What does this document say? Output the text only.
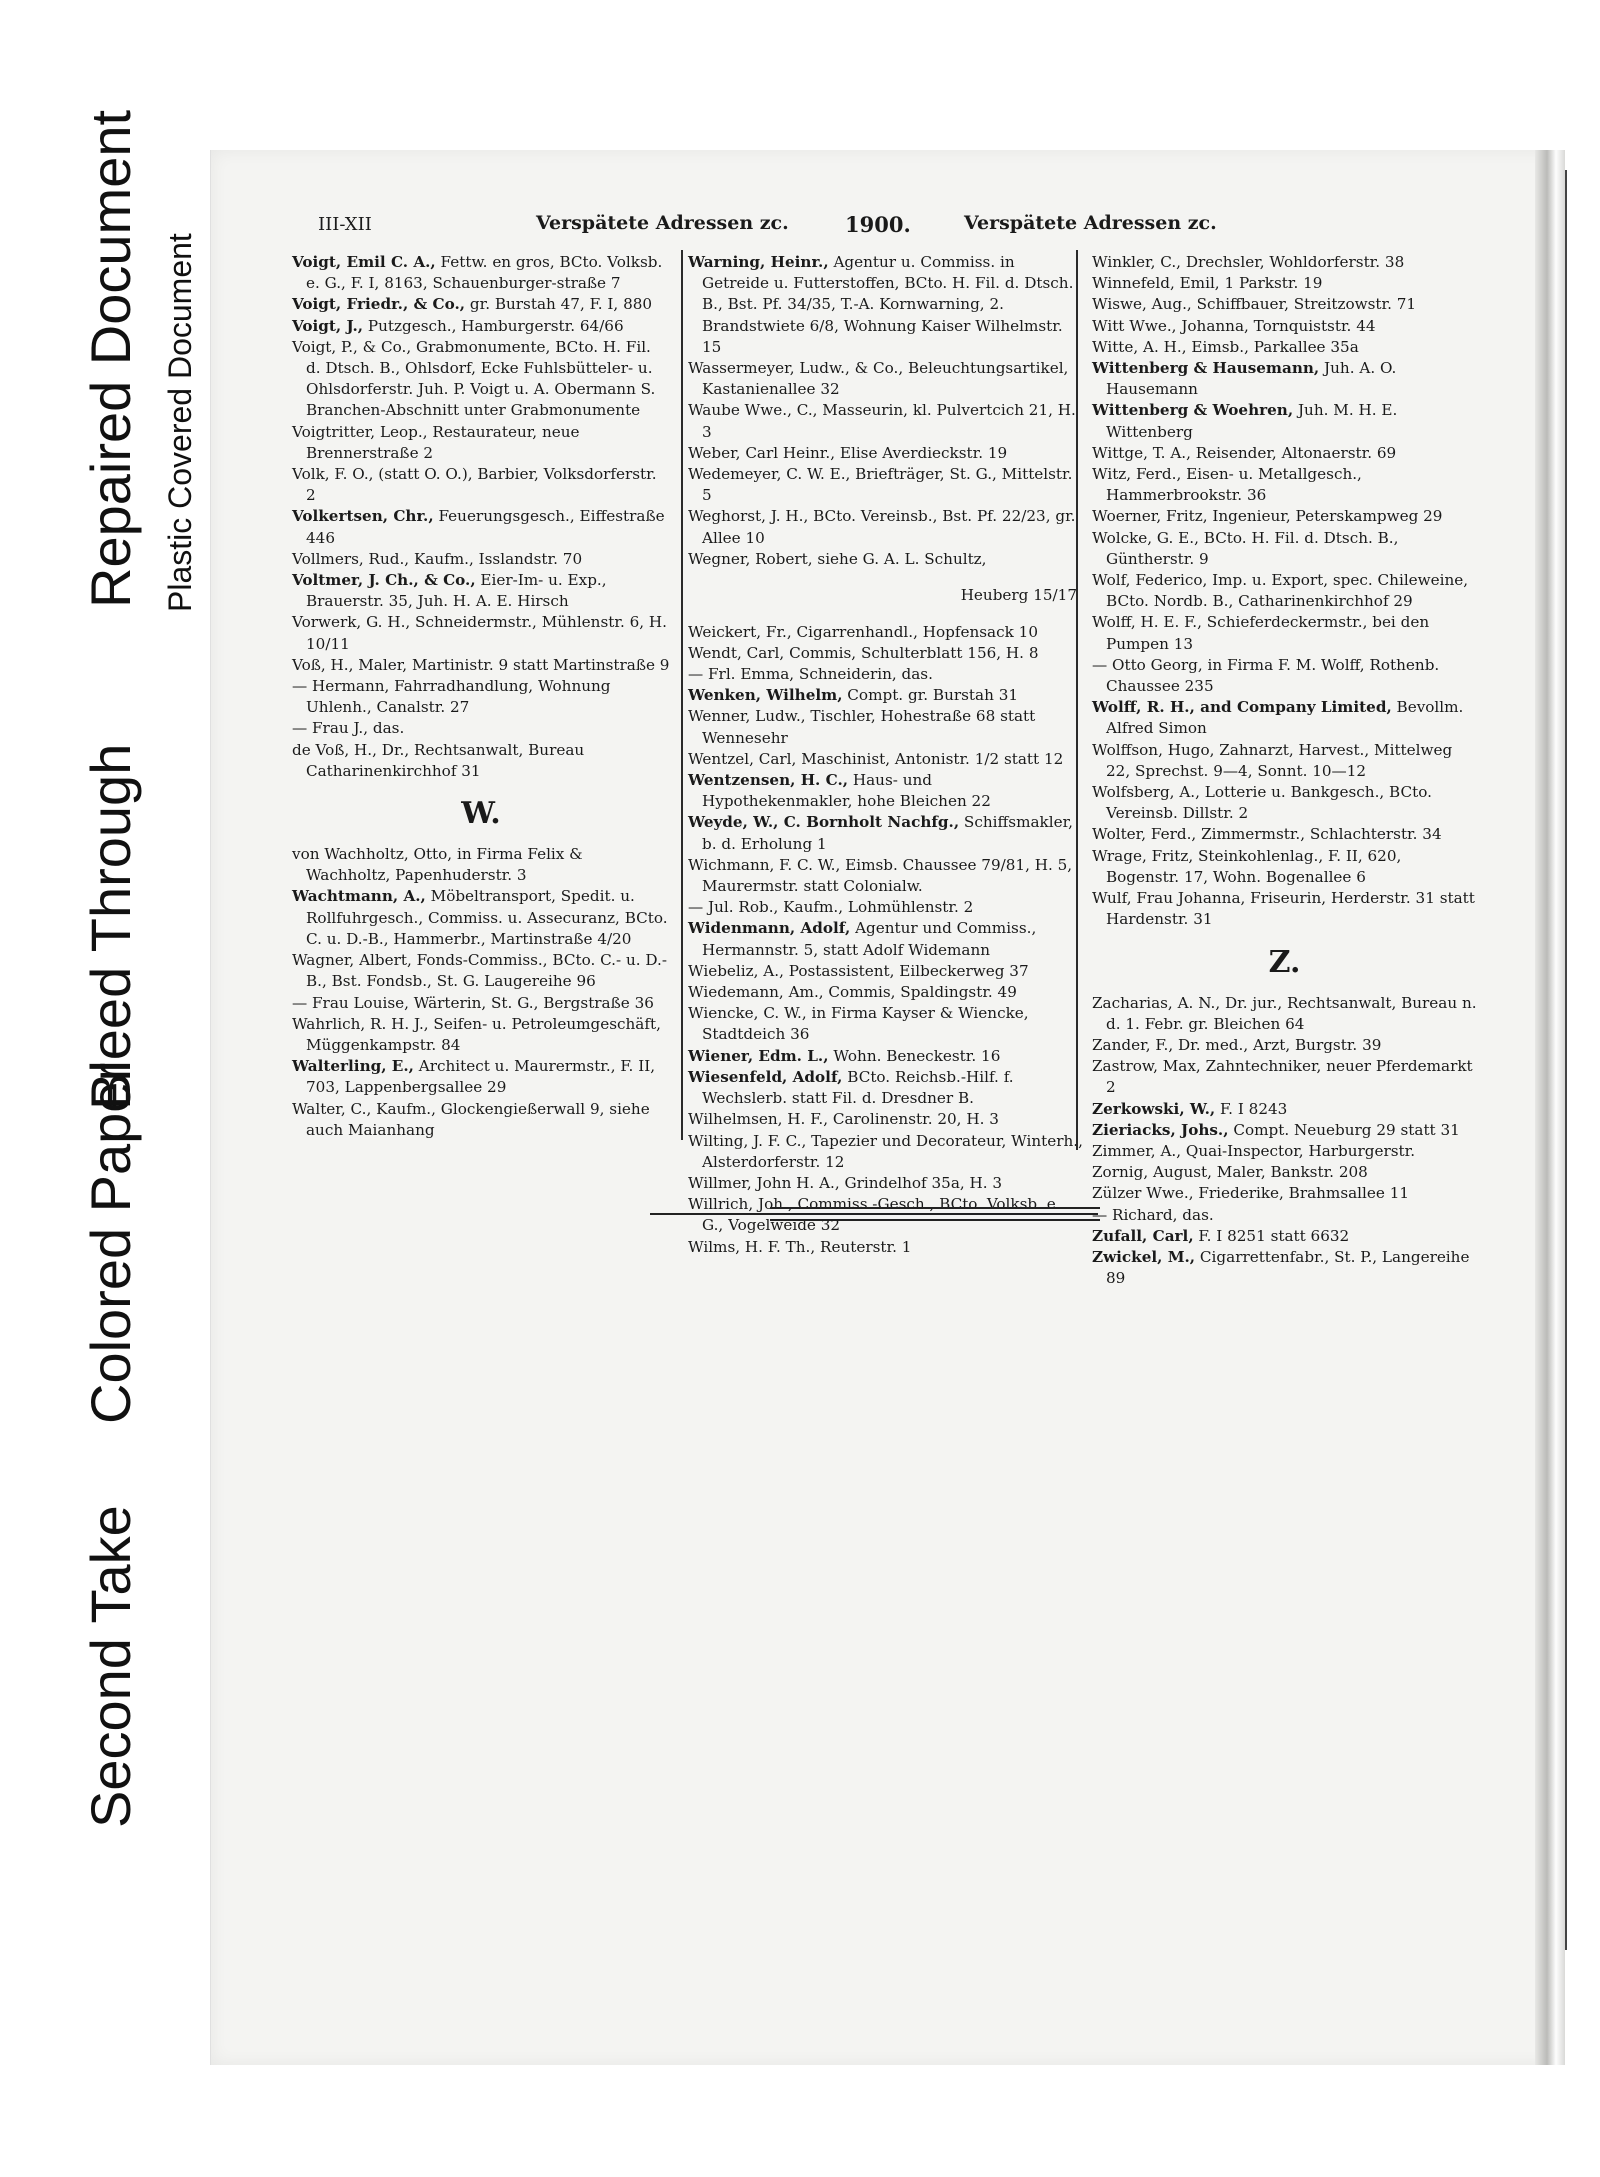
Second Take
Colored Paper
Bleed Through
Repaired Document Plastic Covered Document
III-XII	Verspätete Adressen zc.	1900.	Verspätete Adressen zc.

Voigt, Emil C. A., Fettw. en gros, BCto. Volksb. e. G., F. I, 8163, Schauenburger-straße 7

Voigt, Friedr., & Co., gr. Burstah 47, F. I, 880

Voigt, J., Putzgesch., Hamburgerstr. 64/66

Voigt, P., & Co., Grabmonumente, BCto. H. Fil. d. Dtsch. B., Ohlsdorf, Ecke Fuhlsbütteler- u. Ohlsdorferstr. Juh. P. Voigt u. A. Obermann S. Branchen-Abschnitt unter Grabmonumente

Voigtritter, Leop., Restaurateur, neue Brennerstraße 2

Volk, F. O., (statt O. O.), Barbier, Volksdorferstr. 2

Volkertsen, Chr., Feuerungsgesch., Eiffestraße 446

Vollmers, Rud., Kaufm., Isslandstr. 70

Voltmer, J. Ch., & Co., Eier-Im- u. Exp., Brauerstr. 35, Juh. H. A. E. Hirsch

Vorwerk, G. H., Schneidermstr., Mühlenstr. 6, H. 10/11

Voß, H., Maler, Martinistr. 9 statt Martinstraße 9

— Hermann, Fahrradhandlung, Wohnung Uhlenh., Canalstr. 27

— Frau J., das.

de Voß, H., Dr., Rechtsanwalt, Bureau Catharinenkirchhof 31

W.

von Wachholtz, Otto, in Firma Felix & Wachholtz, Papenhuderstr. 3

Wachtmann, A., Möbeltransport, Spedit. u. Rollfuhrgesch., Commiss. u. Assecuranz, BCto. C. u. D.-B., Hammerbr., Martinstraße 4/20

Wagner, Albert, Fonds-Commiss., BCto. C.- u. D.-B., Bst. Fondsb., St. G. Laugereihe 96

— Frau Louise, Wärterin, St. G., Bergstraße 36

Wahrlich, R. H. J., Seifen- u. Petroleumgeschäft, Müggenkampstr. 84

Walterling, E., Architect u. Maurermstr., F. II, 703, Lappenbergsallee 29

Walter, C., Kaufm., Glockengießerwall 9, siehe auch Maianhang

Warning, Heinr., Agentur u. Commiss. in Getreide u. Futterstoffen, BCto. H. Fil. d. Dtsch. B., Bst. Pf. 34/35, T.-A. Kornwarning, 2. Brandstwiete 6/8, Wohnung Kaiser Wilhelmstr. 15

Wassermeyer, Ludw., & Co., Beleuchtungsartikel, Kastanienallee 32

Waube Wwe., C., Masseurin, kl. Pulvertcich 21, H. 3

Weber, Carl Heinr., Elise Averdieckstr. 19

Wedemeyer, C. W. E., Briefträger, St. G., Mittelstr. 5

Weghorst, J. H., BCto. Vereinsb., Bst. Pf. 22/23, gr. Allee 10

Wegner, Robert, siehe G. A. L. Schultz,

Heuberg 15/17

Weickert, Fr., Cigarrenhandl., Hopfensack 10

Wendt, Carl, Commis, Schulterblatt 156, H. 8

— Frl. Emma, Schneiderin, das.

Wenken, Wilhelm, Compt. gr. Burstah 31

Wenner, Ludw., Tischler, Hohestraße 68 statt Wennesehr

Wentzel, Carl, Maschinist, Antonistr. 1/2 statt 12

Wentzensen, H. C., Haus- und Hypothekenmakler, hohe Bleichen 22

Weyde, W., C. Bornholt Nachfg., Schiffsmakler, b. d. Erholung 1

Wichmann, F. C. W., Eimsb. Chaussee 79/81, H. 5, Maurermstr. statt Colonialw.

— Jul. Rob., Kaufm., Lohmühlenstr. 2

Widenmann, Adolf, Agentur und Commiss., Hermannstr. 5, statt Adolf Widemann

Wiebeliz, A., Postassistent, Eilbeckerweg 37

Wiedemann, Am., Commis, Spaldingstr. 49

Wiencke, C. W., in Firma Kayser & Wiencke, Stadtdeich 36

Wiener, Edm. L., Wohn. Beneckestr. 16

Wiesenfeld, Adolf, BCto. Reichsb.-Hilf. f. Wechslerb. statt Fil. d. Dresdner B.

Wilhelmsen, H. F., Carolinenstr. 20, H. 3

Wilting, J. F. C., Tapezier und Decorateur, Winterh., Alsterdorferstr. 12

Willmer, John H. A., Grindelhof 35a, H. 3

Willrich, Joh., Commiss.-Gesch., BCto. Volksb. e. G., Vogelweide 32

Wilms, H. F. Th., Reuterstr. 1

Winkler, C., Drechsler, Wohldorferstr. 38

Winnefeld, Emil, 1 Parkstr. 19

Wiswe, Aug., Schiffbauer, Streitzowstr. 71

Witt Wwe., Johanna, Tornquiststr. 44

Witte, A. H., Eimsb., Parkallee 35a

Wittenberg & Hausemann, Juh. A. O. Hausemann

Wittenberg & Woehren, Juh. M. H. E. Wittenberg

Wittge, T. A., Reisender, Altonaerstr. 69

Witz, Ferd., Eisen- u. Metallgesch., Hammerbrookstr. 36

Woerner, Fritz, Ingenieur, Peterskampweg 29

Wolcke, G. E., BCto. H. Fil. d. Dtsch. B., Güntherstr. 9

Wolf, Federico, Imp. u. Export, spec. Chileweine, BCto. Nordb. B., Catharinenkirchhof 29

Wolff, H. E. F., Schieferdeckermstr., bei den Pumpen 13

— Otto Georg, in Firma F. M. Wolff, Rothenb. Chaussee 235

Wolff, R. H., and Company Limited, Bevollm. Alfred Simon

Wolffson, Hugo, Zahnarzt, Harvest., Mittelweg 22, Sprechst. 9—4, Sonnt. 10—12

Wolfsberg, A., Lotterie u. Bankgesch., BCto. Vereinsb. Dillstr. 2

Wolter, Ferd., Zimmermstr., Schlachterstr. 34

Wrage, Fritz, Steinkohlenlag., F. II, 620, Bogenstr. 17, Wohn. Bogenallee 6

Wulf, Frau Johanna, Friseurin, Herderstr. 31 statt Hardenstr. 31

Z.

Zacharias, A. N., Dr. jur., Rechtsanwalt, Bureau n. d. 1. Febr. gr. Bleichen 64

Zander, F., Dr. med., Arzt, Burgstr. 39

Zastrow, Max, Zahntechniker, neuer Pferdemarkt 2

Zerkowski, W., F. I 8243

Zieriacks, Johs., Compt. Neueburg 29 statt 31

Zimmer, A., Quai-Inspector, Harburgerstr.

Zornig, August, Maler, Bankstr. 208

Zülzer Wwe., Friederike, Brahmsallee 11

— Richard, das.

Zufall, Carl, F. I 8251 statt 6632

Zwickel, M., Cigarrettenfabr., St. P., Langereihe 89
